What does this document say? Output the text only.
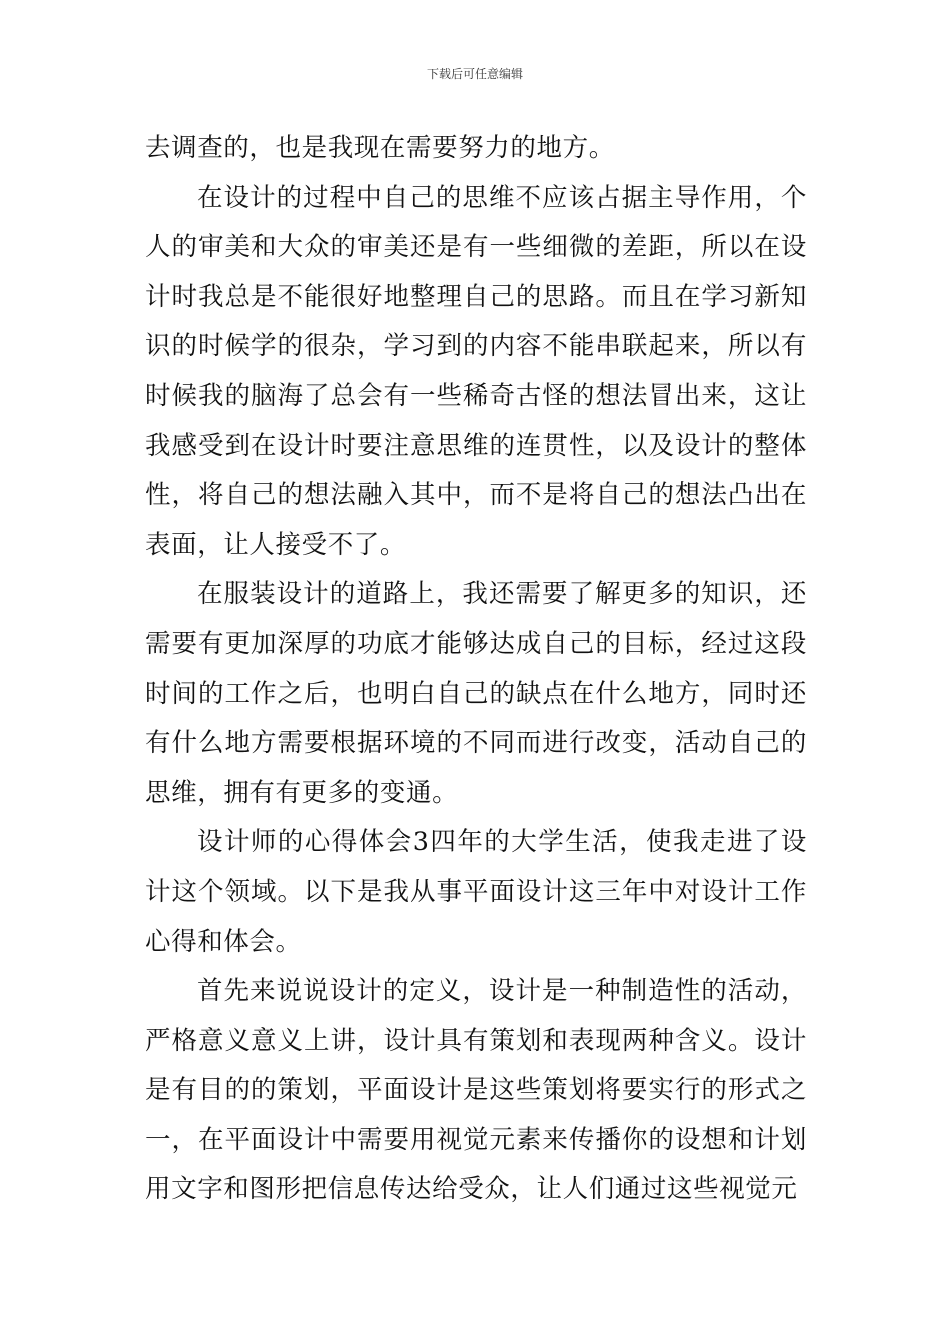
下载后可任意编辑

去调查的，也是我现在需要努力的地方。

在设计的过程中自己的思维不应该占据主导作用，个人的审美和大众的审美还是有一些细微的差距，所以在设计时我总是不能很好地整理自己的思路。而且在学习新知识的时候学的很杂，学习到的内容不能串联起来，所以有时候我的脑海了总会有一些稀奇古怪的想法冒出来，这让我感受到在设计时要注意思维的连贯性，以及设计的整体性，将自己的想法融入其中，而不是将自己的想法凸出在表面，让人接受不了。

在服装设计的道路上，我还需要了解更多的知识，还需要有更加深厚的功底才能够达成自己的目标，经过这段时间的工作之后，也明白自己的缺点在什么地方，同时还有什么地方需要根据环境的不同而进行改变，活动自己的思维，拥有有更多的变通。

设计师的心得体会3四年的大学生活，使我走进了设计这个领域。以下是我从事平面设计这三年中对设计工作心得和体会。

首先来说说设计的定义，设计是一种制造性的活动，严格意义意义上讲，设计具有策划和表现两种含义。设计是有目的的策划，平面设计是这些策划将要实行的形式之一，在平面设计中需要用视觉元素来传播你的设想和计划用文字和图形把信息传达给受众，让人们通过这些视觉元
